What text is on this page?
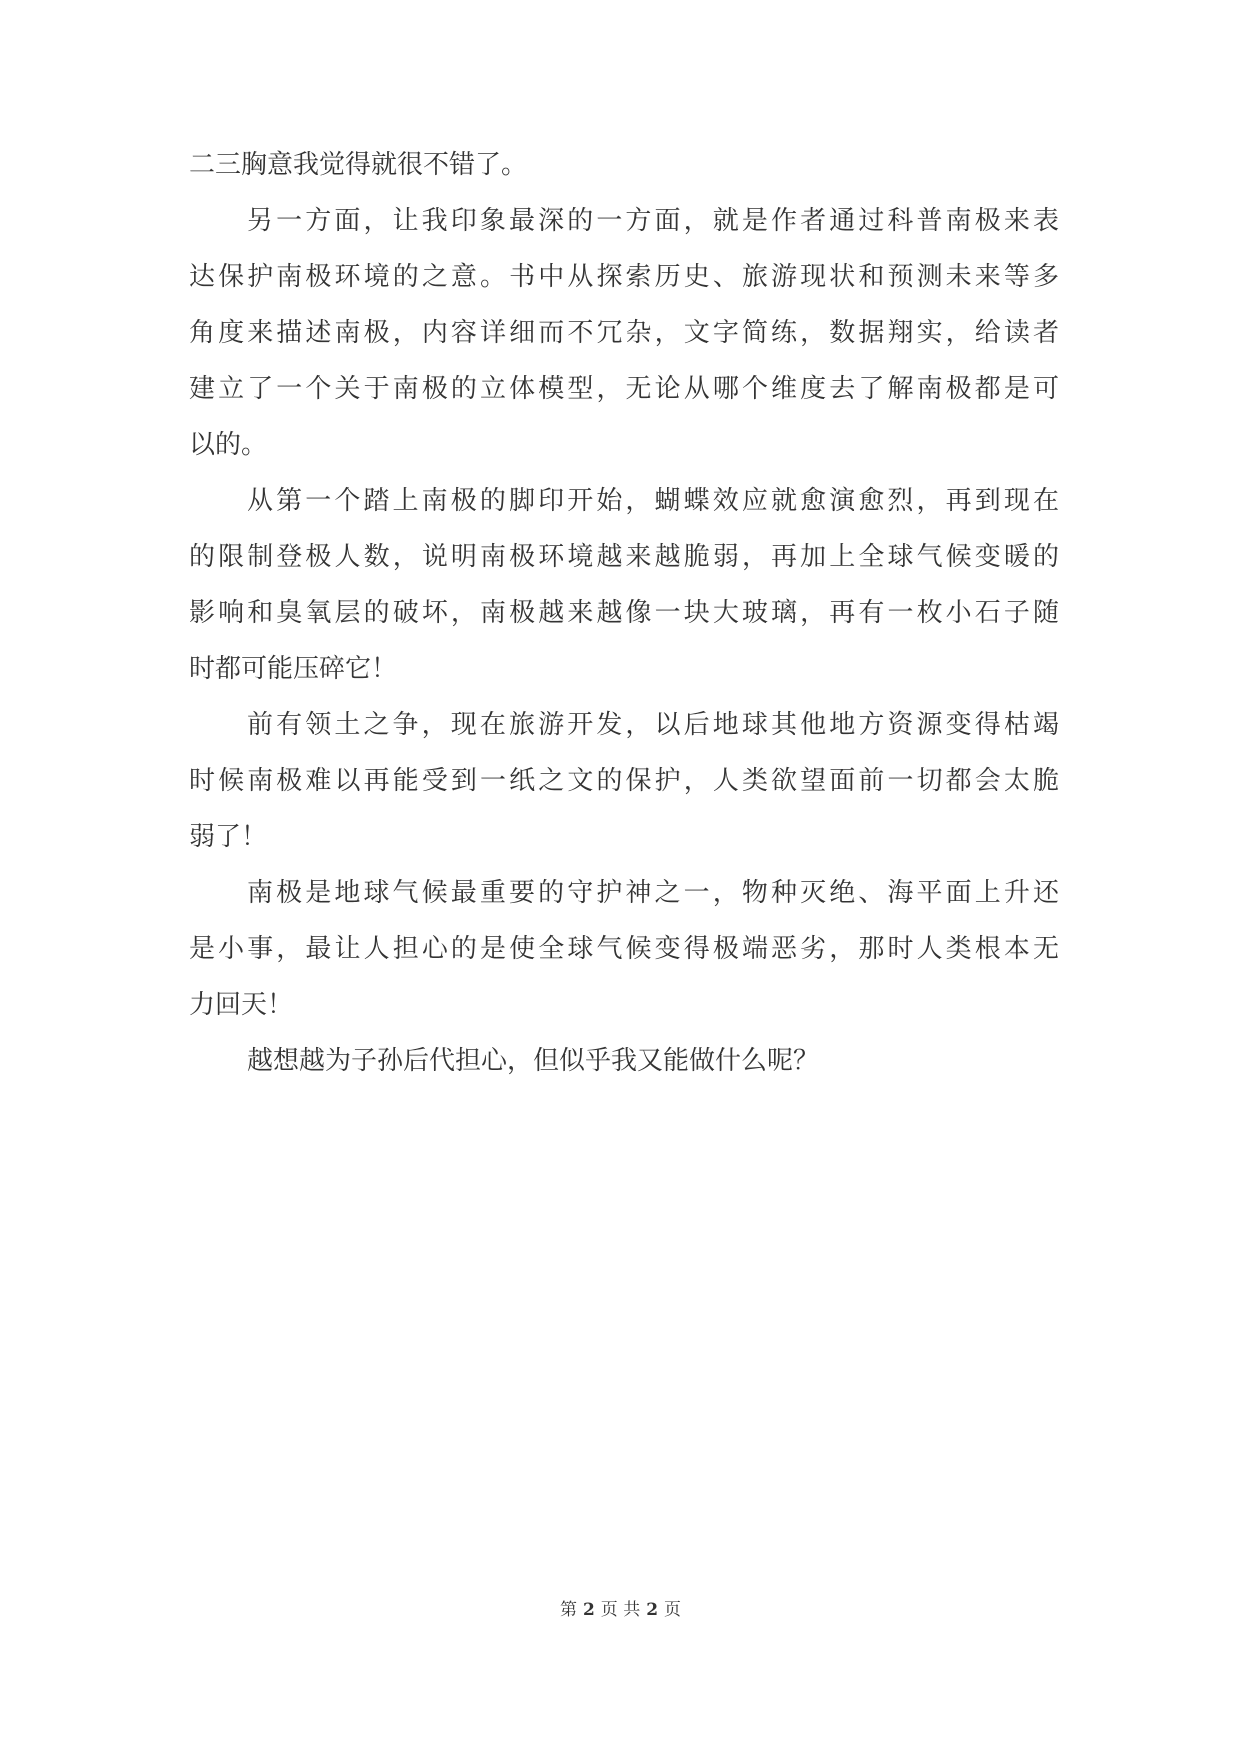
二三胸意我觉得就很不错了。
另一方面，让我印象最深的一方面，就是作者通过科普南极来表
达保护南极环境的之意。书中从探索历史、旅游现状和预测未来等多
角度来描述南极，内容详细而不冗杂，文字简练，数据翔实，给读者
建立了一个关于南极的立体模型，无论从哪个维度去了解南极都是可
以的。
从第一个踏上南极的脚印开始，蝴蝶效应就愈演愈烈，再到现在
的限制登极人数，说明南极环境越来越脆弱，再加上全球气候变暖的
影响和臭氧层的破坏，南极越来越像一块大玻璃，再有一枚小石子随
时都可能压碎它！
前有领土之争，现在旅游开发，以后地球其他地方资源变得枯竭
时候南极难以再能受到一纸之文的保护，人类欲望面前一切都会太脆
弱了！
南极是地球气候最重要的守护神之一，物种灭绝、海平面上升还
是小事，最让人担心的是使全球气候变得极端恶劣，那时人类根本无
力回天！
越想越为子孙后代担心，但似乎我又能做什么呢？
第 2 页 共 2 页
